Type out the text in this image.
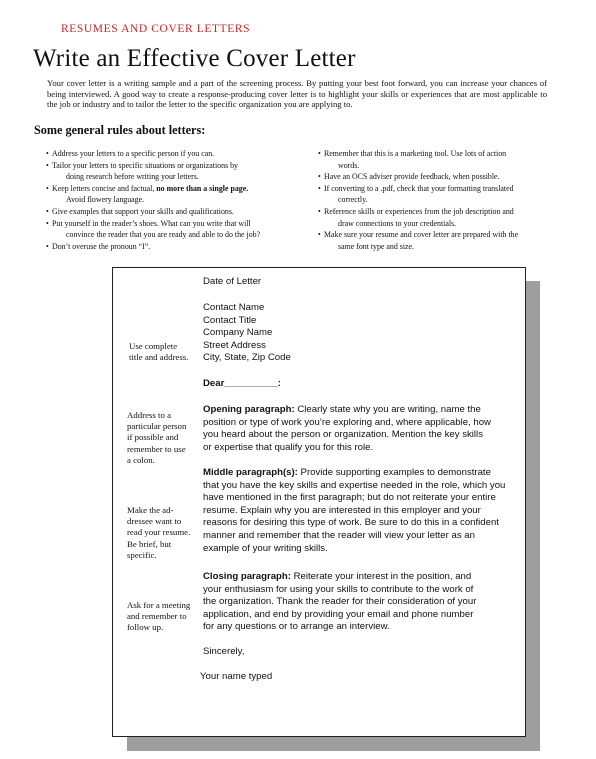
RESUMES AND COVER LETTERS
Write an Effective Cover Letter
Your cover letter is a writing sample and a part of the screening process. By putting your best foot forward, you can increase your chances of being interviewed. A good way to create a response-producing cover letter is to highlight your skills or experiences that are most applicable to the job or industry and to tailor the letter to the specific organization you are applying to.
Some general rules about letters:
• Address your letters to a specific person if you can.
• Tailor your letters to specific situations or organizations by
doing research before writing your letters.
• Keep letters concise and factual, no more than a single page.
Avoid flowery language.
• Give examples that support your skills and qualifications.
• Put yourself in the reader’s shoes. What can you write that will
convince the reader that you are ready and able to do the job?
• Don’t overuse the pronoun “I”.
• Remember that this is a marketing tool. Use lots of action
words.
• Have an OCS adviser provide feedback, when possible.
• If converting to a .pdf, check that your formatting translated
correctly.
• Reference skills or experiences from the job description and
draw connections to your credentials.
• Make sure your resume and cover letter are prepared with the
same font type and size.
Use complete
title and address.
Address to a
particular person
if possible and
remember to use
a colon.
Make the ad-
dressee want to
read your resume.
Be brief, but
specific.
Ask for a meeting
and remember to
follow up.
Date of Letter
Contact Name
Contact Title
Company Name
Street Address
City, State, Zip Code
Dear__________:
Opening paragraph: Clearly state why you are writing, name the
position or type of work you’re exploring and, where applicable, how
you heard about the person or organization. Mention the key skills
or expertise that qualify you for this role.
Middle paragraph(s): Provide supporting examples to demonstrate
that you have the key skills and expertise needed in the role, which you
have mentioned in the first paragraph; but do not reiterate your entire
resume. Explain why you are interested in this employer and your
reasons for desiring this type of work. Be sure to do this in a confident
manner and remember that the reader will view your letter as an
example of your writing skills.
Closing paragraph: Reiterate your interest in the position, and
your enthusiasm for using your skills to contribute to the work of
the organization. Thank the reader for their consideration of your
application, and end by providing your email and phone number
for any questions or to arrange an interview.
Sincerely,
Your name typed
